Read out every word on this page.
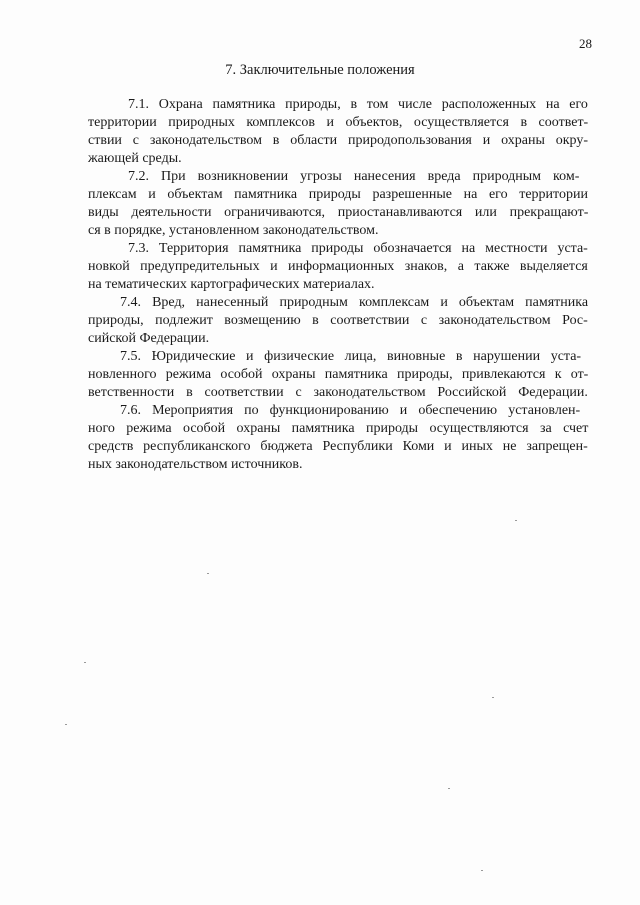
28
7. Заключительные положения
7.1. Охрана памятника природы, в том числе расположенных на его
территории природных комплексов и объектов, осуществляется в соответ-
ствии с законодательством в области природопользования и охраны окру-
жающей среды.
7.2. При возникновении угрозы нанесения вреда природным ком-
плексам и объектам памятника природы разрешенные на его территории
виды деятельности ограничиваются, приостанавливаются или прекращают-
ся в порядке, установленном законодательством.
7.3. Территория памятника природы обозначается на местности уста-
новкой предупредительных и информационных знаков, а также выделяется
на тематических картографических материалах.
7.4. Вред, нанесенный природным комплексам и объектам памятника
природы, подлежит возмещению в соответствии с законодательством Рос-
сийской Федерации.
7.5. Юридические и физические лица, виновные в нарушении уста-
новленного режима особой охраны памятника природы, привлекаются к от-
ветственности в соответствии с законодательством Российской Федерации.
7.6. Мероприятия по функционированию и обеспечению установлен-
ного режима особой охраны памятника природы осуществляются за счет
средств республиканского бюджета Республики Коми и иных не запрещен-
ных законодательством источников.
